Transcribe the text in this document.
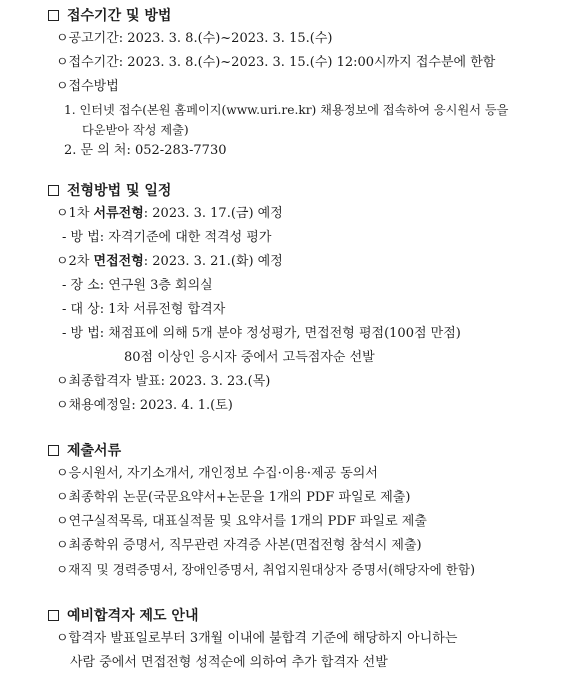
접수기간 및 방법
ㅇ공고기간: 2023. 3. 8.(수)~2023. 3. 15.(수)
ㅇ접수기간: 2023. 3. 8.(수)~2023. 3. 15.(수) 12:00시까지 접수분에 한함
ㅇ접수방법
1. 인터넷 접수(본원 홈페이지(www.uri.re.kr) 채용정보에 접속하여 응시원서 등을
다운받아 작성 제출)
2. 문 의 처: 052-283-7730
전형방법 및 일정
ㅇ1차 서류전형: 2023. 3. 17.(금) 예정
- 방 법: 자격기준에 대한 적격성 평가
ㅇ2차 면접전형: 2023. 3. 21.(화) 예정
- 장 소: 연구원 3층 회의실
- 대 상: 1차 서류전형 합격자
- 방 법: 채점표에 의해 5개 분야 정성평가, 면접전형 평점(100점 만점)
80점 이상인 응시자 중에서 고득점자순 선발
ㅇ최종합격자 발표: 2023. 3. 23.(목)
ㅇ채용예정일: 2023. 4. 1.(토)
제출서류
ㅇ응시원서, 자기소개서, 개인정보 수집·이용·제공 동의서
ㅇ최종학위 논문(국문요약서+논문을 1개의 PDF 파일로 제출)
ㅇ연구실적목록, 대표실적물 및 요약서를 1개의 PDF 파일로 제출
ㅇ최종학위 증명서, 직무관련 자격증 사본(면접전형 참석시 제출)
ㅇ재직 및 경력증명서, 장애인증명서, 취업지원대상자 증명서(해당자에 한함)
예비합격자 제도 안내
ㅇ합격자 발표일로부터 3개월 이내에 불합격 기준에 해당하지 아니하는
사람 중에서 면접전형 성적순에 의하여 추가 합격자 선발
